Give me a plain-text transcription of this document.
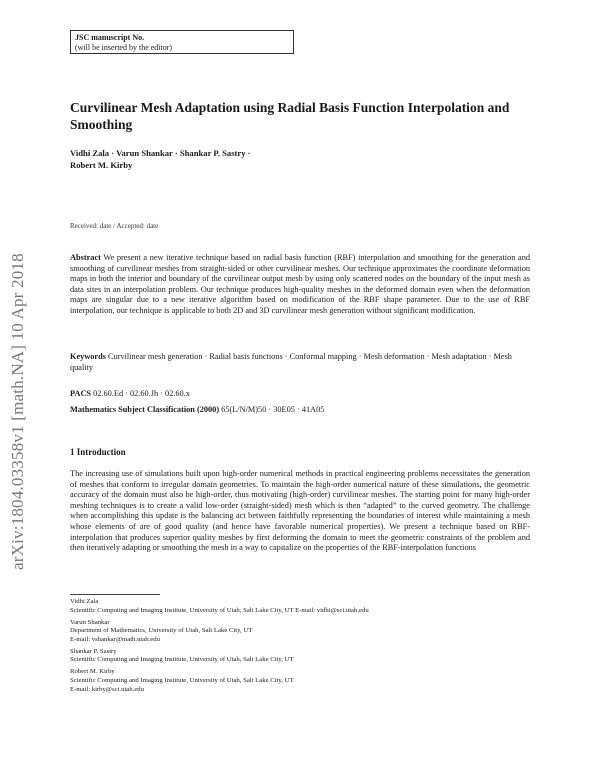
JSC manuscript No.
(will be inserted by the editor)
arXiv:1804.03358v1 [math.NA] 10 Apr 2018
Curvilinear Mesh Adaptation using Radial Basis Function Interpolation and Smoothing
Vidhi Zala · Varun Shankar · Shankar P. Sastry ·
Robert M. Kirby
Received: date / Accepted: date
Abstract We present a new iterative technique based on radial basis function (RBF) interpolation and smoothing for the generation and smoothing of curvilinear meshes from straight-sided or other curvilinear meshes. Our technique approximates the coordinate deformation maps in both the interior and boundary of the curvilinear output mesh by using only scattered nodes on the boundary of the input mesh as data sites in an interpolation problem. Our technique produces high-quality meshes in the deformed domain even when the deformation maps are singular due to a new iterative algorithm based on modification of the RBF shape parameter. Due to the use of RBF interpolation, our technique is applicable to both 2D and 3D curvilinear mesh generation without significant modification.
Keywords Curvilinear mesh generation · Radial basis functions · Conformal mapping · Mesh deformation · Mesh adaptation · Mesh quality
PACS 02.60.Ed · 02.60.Jh · 02.60.x
Mathematics Subject Classification (2000) 65(L/N/M)50 · 30E05 · 41A05
1 Introduction
The increasing use of simulations built upon high-order numerical methods in practical engineering problems necessitates the generation of meshes that conform to irregular domain geometries. To maintain the high-order numerical nature of these simulations, the geometric accuracy of the domain must also be high-order, thus motivating (high-order) curvilinear meshes. The starting point for many high-order meshing techniques is to create a valid low-order (straight-sided) mesh which is then “adapted” to the curved geometry. The challenge when accomplishing this update is the balancing act between faithfully representing the boundaries of interest while maintaining a mesh whose elements of are of good quality (and hence have favorable numerical properties). We present a technique based on RBF-interpolation that produces superior quality meshes by first deforming the domain to meet the geometric constraints of the problem and then iteratively adapting or smoothing the mesh in a way to capitalize on the properties of the RBF-interpolation functions
Vidhi Zala
Scientific Computing and Imaging Institute, University of Utah, Salt Lake City, UT E-mail: vidhi@sci.utah.edu
Varun Shankar
Department of Mathematics, University of Utah, Salt Lake City, UT
E-mail: vshankar@math.utah.edu
Shankar P. Sastry
Scientific Computing and Imaging Institute, University of Utah, Salt Lake City, UT
Robert M. Kirby
Scientific Computing and Imaging Institute, University of Utah, Salt Lake City, UT
E-mail: kirby@sci.utah.edu
